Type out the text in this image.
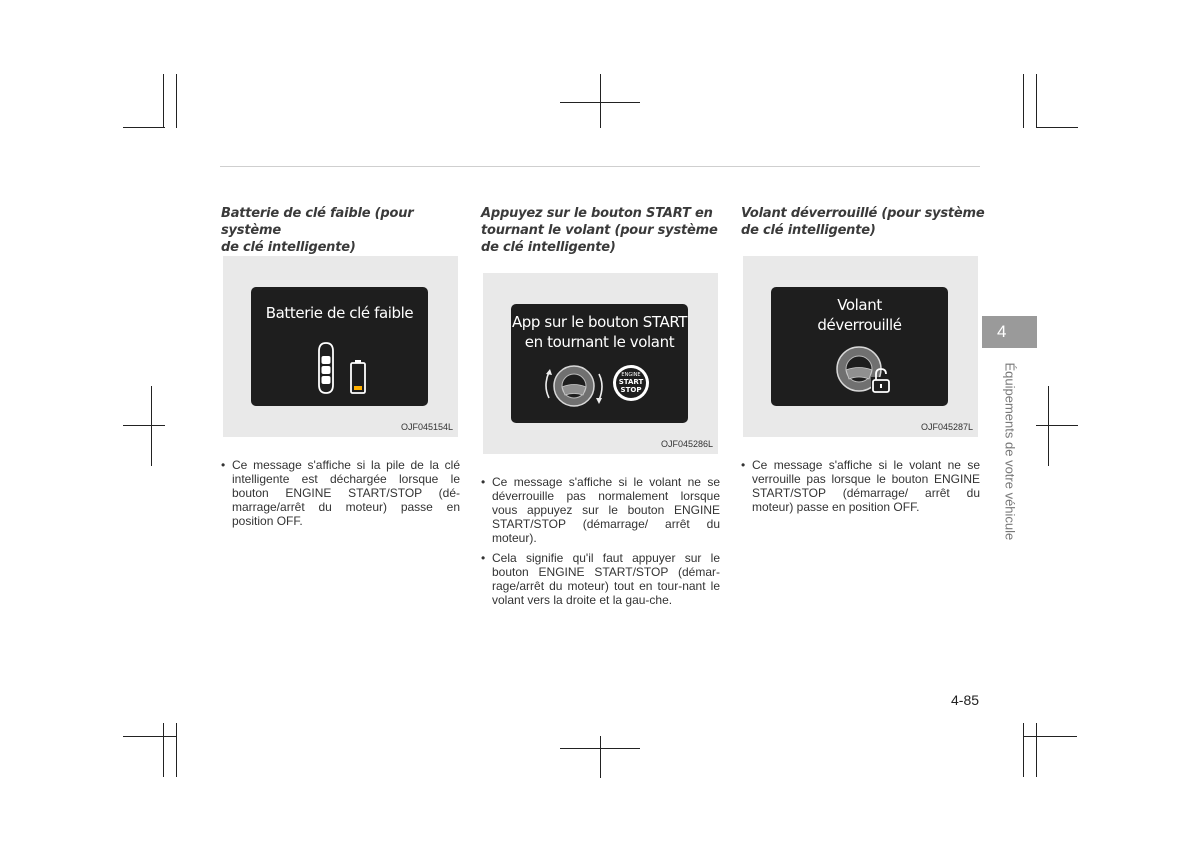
Batterie de clé faible (pour système
de clé intelligente)
Batterie de clé faible
OJF045154L
• Ce message s'affiche si la pile de la clé intelligente est déchargée lorsque le bouton ENGINE START/STOP (dé-marrage/arrêt du moteur) passe en position OFF.
Appuyez sur le bouton START en
tournant le volant (pour système
de clé intelligente)
App sur le bouton START
en tournant le volant
ENGINE
START
STOP
OJF045286L
• Ce message s'affiche si le volant ne se déverrouille pas normalement lorsque vous appuyez sur le bouton ENGINE START/STOP (démarrage/ arrêt du moteur).
• Cela signifie qu'il faut appuyer sur le bouton ENGINE START/STOP (démar-rage/arrêt du moteur) tout en tour-nant le volant vers la droite et la gau-che.
Volant déverrouillé (pour système
de clé intelligente)
Volant
déverrouillé
OJF045287L
• Ce message s'affiche si le volant ne se verrouille pas lorsque le bouton ENGINE START/STOP (démarrage/ arrêt du moteur) passe en position OFF.
4
Équipements de votre véhicule
4-85
